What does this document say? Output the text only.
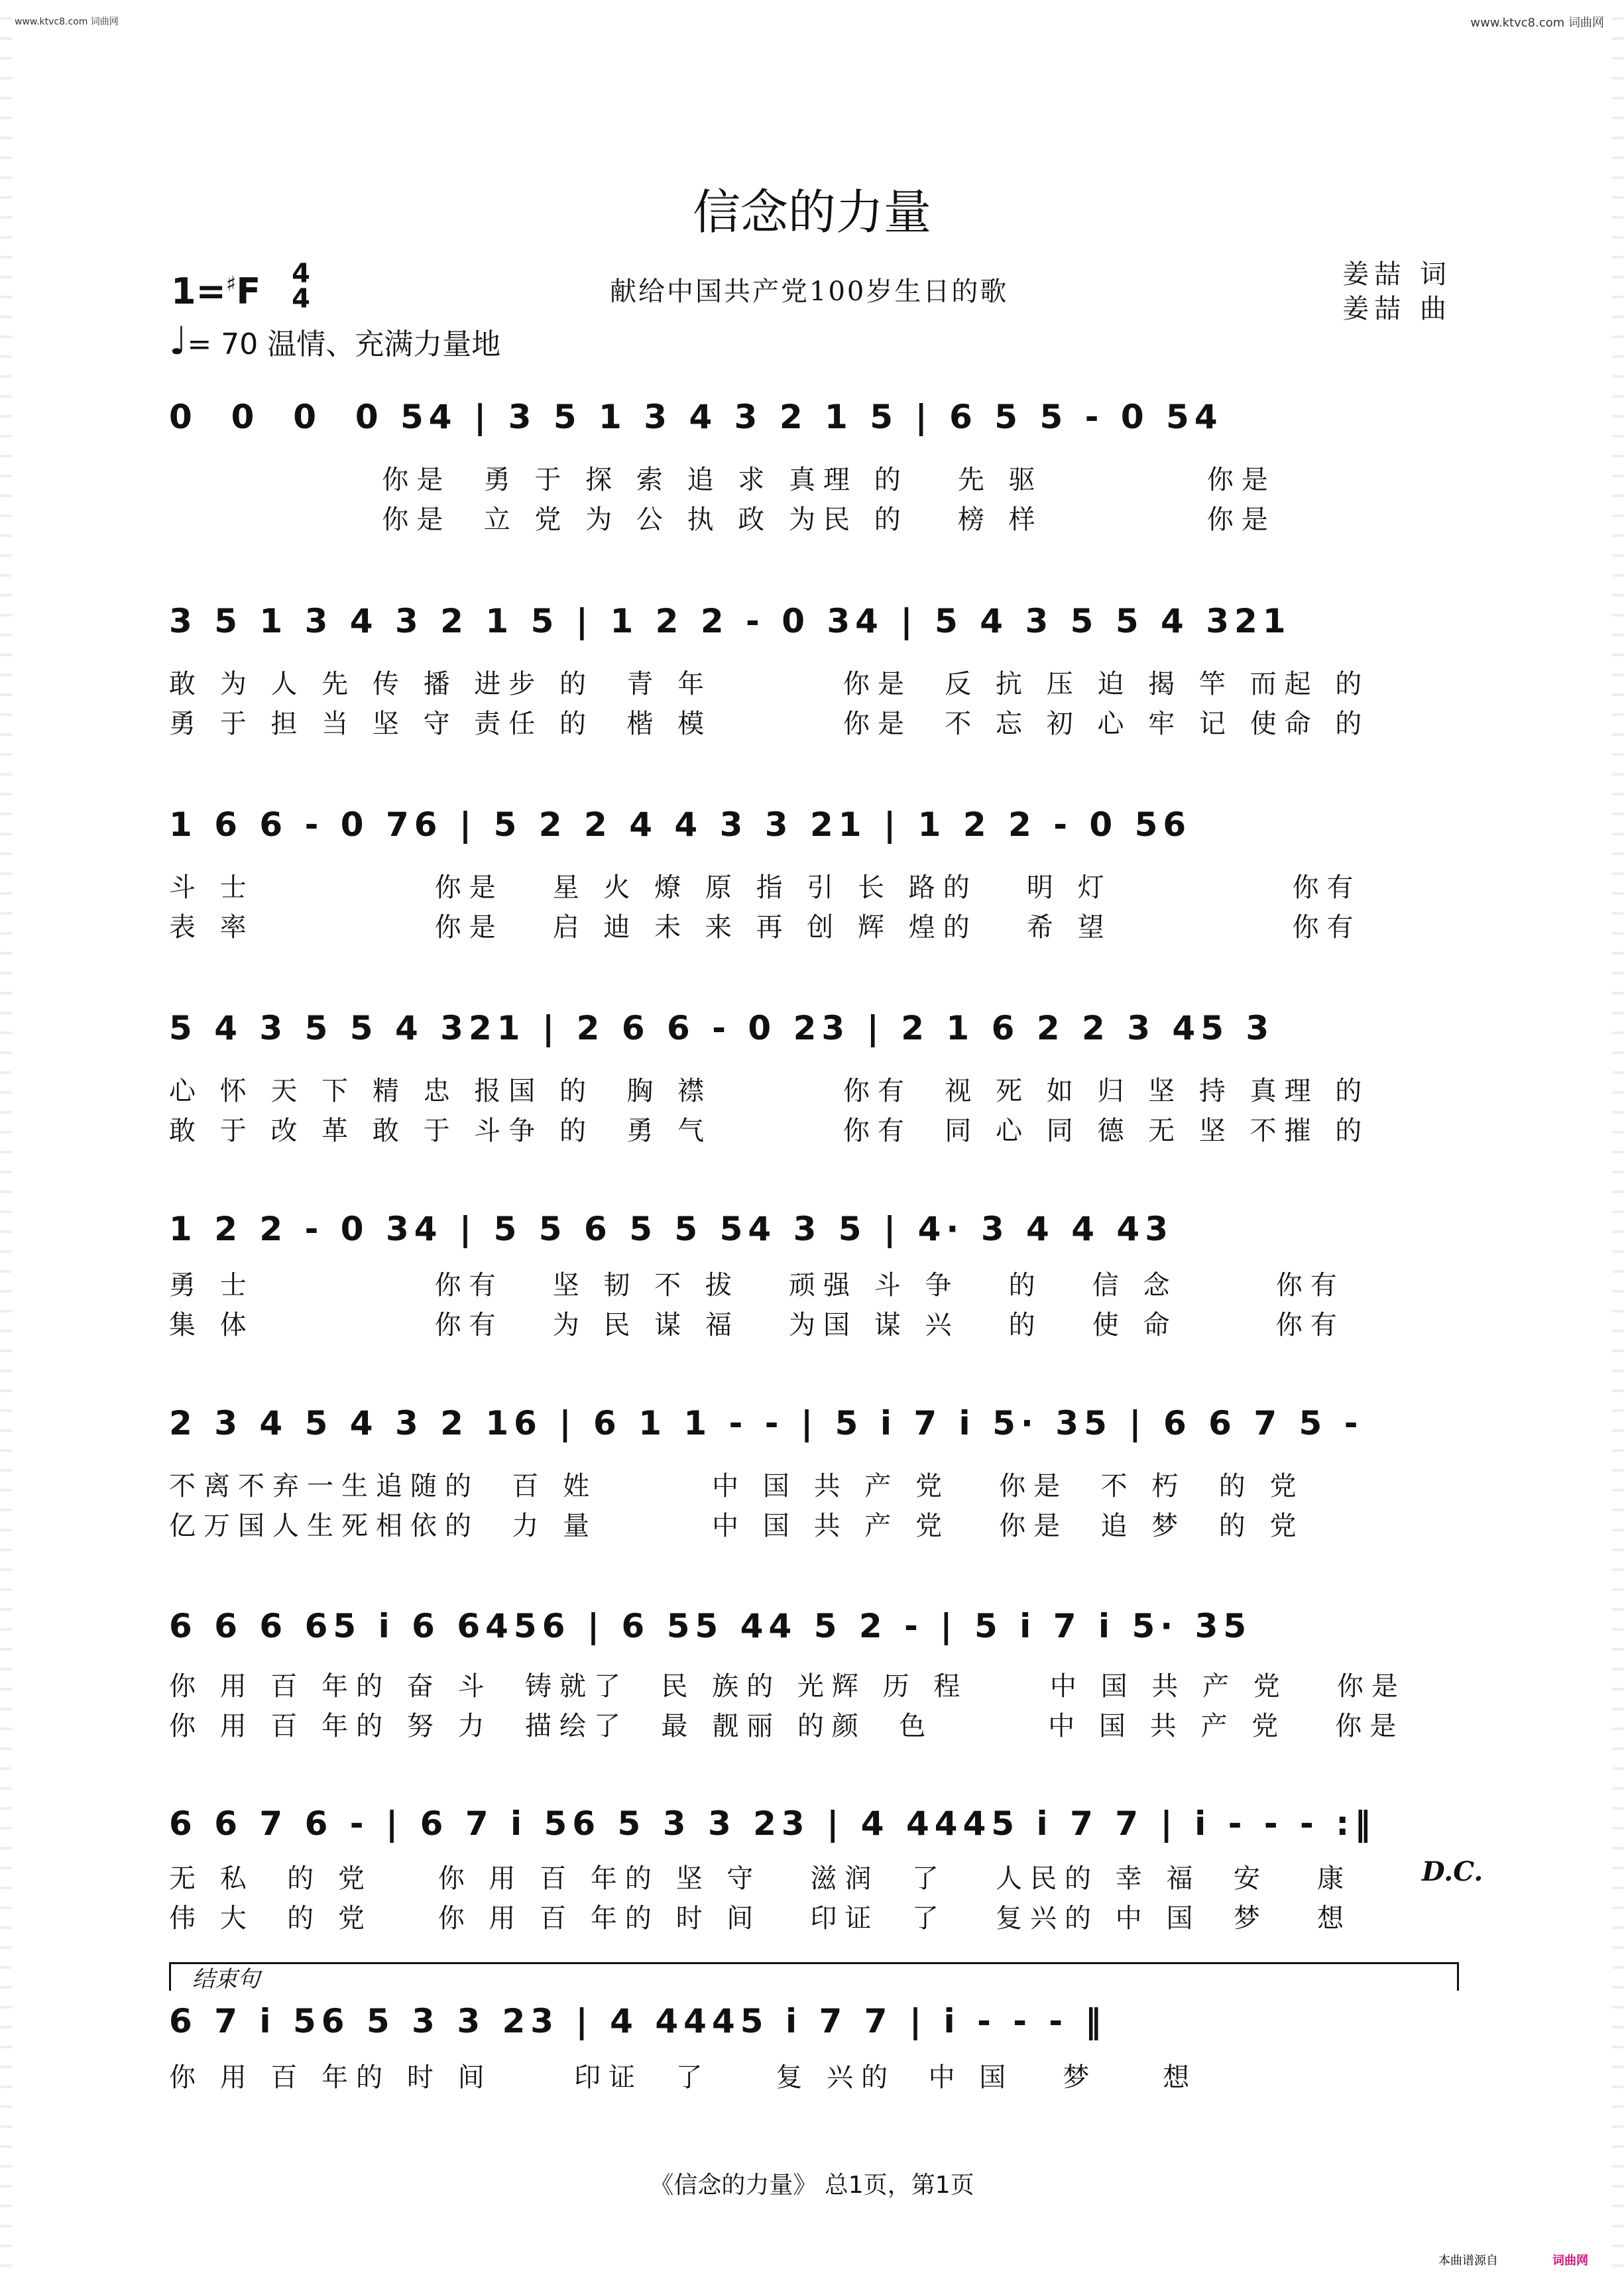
www.ktvc8.com 词曲网	www.ktvc8.com 词曲网
信念的力量
1=♯F 4
4
♩= 70 温情、充满力量地
献给中国共产党100岁生日的歌
姜喆 词
姜喆 曲
0  0  0  0 54 | 3 5 1 3 4 3 2 1 5 | 6 5 5 - 0 54
你是  勇 于 探 索 追 求 真理 的   先 驱          你是
你是  立 党 为 公 执 政 为民 的   榜 样          你是
3 5 1 3 4 3 2 1 5 | 1 2 2 - 0 34 | 5 4 3 5 5 4 321
敢 为 人 先 传 播 进步 的  青 年        你是  反 抗 压 迫 揭 竿 而起 的
勇 于 担 当 坚 守 责任 的  楷 模        你是  不 忘 初 心 牢 记 使命 的
1 6 6 - 0 76 | 5 2 2 4 4 3 3 21 | 1 2 2 - 0 56
斗 士           你是   星 火 燎 原 指 引 长 路的   明 灯           你有
表 率           你是   启 迪 未 来 再 创 辉 煌的   希 望           你有
5 4 3 5 5 4 321 | 2 6 6 - 0 23 | 2 1 6 2 2 3 45 3
心 怀 天 下 精 忠 报国 的  胸 襟        你有  视 死 如 归 坚 持 真理 的
敢 于 改 革 敢 于 斗争 的  勇 气        你有  同 心 同 德 无 坚 不摧 的
1 2 2 - 0 34 | 5 5 6 5 5 54 3 5 | 4· 3 4 4 43
勇 士           你有   坚 韧 不 拔   顽强 斗 争   的   信 念      你有
集 体           你有   为 民 谋 福   为国 谋 兴   的   使 命      你有
2 3 4 5 4 3 2 16 | 6 1 1 - - | 5 i 7 i 5· 35 | 6 6 7 5 -
不离不弃一生追随的  百 姓       中 国 共 产 党   你是  不 朽  的 党
亿万国人生死相依的  力 量       中 国 共 产 党   你是  追 梦  的 党
6 6 6 65 i 6 6456 | 6 55 44 5 2 - | 5 i 7 i 5· 35
你 用 百 年的 奋 斗  铸就了  民 族的 光辉 历 程     中 国 共 产 党   你是
你 用 百 年的 努 力  描绘了  最 靓丽 的颜  色       中 国 共 产 党   你是
6 6 7 6 - | 6 7 i 56 5 3 3 23 | 4 4445 i 7 7 | i - - - :‖
无 私  的 党    你 用 百 年的 坚 守   滋润  了   人民的 幸 福  安   康
伟 大  的 党    你 用 百 年的 时 间   印证  了   复兴的 中 国  梦   想
D.C.
结束句
6 7 i 56 5 3 3 23 | 4 4445 i 7 7 | i - - - ‖
你 用 百 年的 时 间     印证  了    复 兴的  中 国   梦    想
《信念的力量》 总1页，第1页
本曲谱源自	词曲网
